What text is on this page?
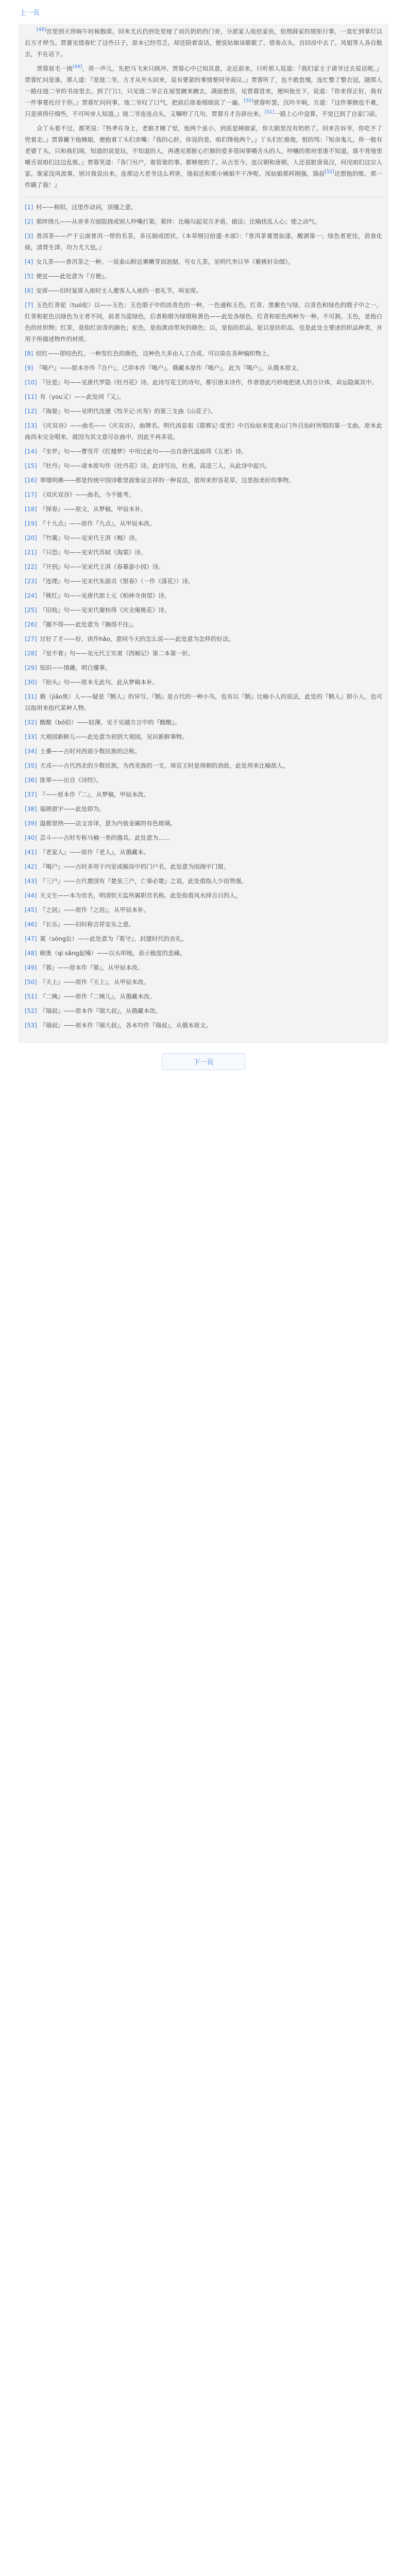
上一页

[48]宫里到天将晌午时候散席。回来尤氏仍到处里接了刘氏奶奶的门旁，分派家人收拾家伙，依照薛家的规矩行事，一直忙到掌灯以后方才停当。贾蔷见惜春忙了这些日子，原本已经劳乏，却还陪着说话，便说姑娘该歇歇了。惜春点头，自回房中去了。凤姐等人各自散去，不在话下。

贾蓉眉毛一挑[49]，将一声儿，先把马飞来只顾冲。贾蓉心中已知其意，走近前来，只听那人说道：『我们家主子请爷过去说话呢。』贾蓉忙问是谁，那人道：『是琏二爷，方才从外头回来，说有要紧的事情要同爷商议。』贾蓉听了，也不敢怠慢，连忙整了整衣冠，随那人一路往琏二爷的书房里去。到了门口，只见琏二爷正在屋里踱来踱去，满面愁容，见贾蓉进来，便叫他坐下，说道：『你来得正好，我有一件事要托付于你。』贾蓉忙问何事，琏二爷叹了口气，把前后原委细细说了一遍。[50]贾蓉听罢，沉吟半晌，方道：『这件事倒也不难，只是须得仔细些，不可叫旁人知道。』琏二爷连连点头，又嘱咐了几句，贾蓉方才告辞出来。[51]一路上心中盘算，不觉已到了自家门前。

众丫头看不过，都笑说：『热孝在身上，老娘才睡了觉，他两个虽小，到底是姨娘家，你太眼里没有奶奶了。回来告诉爷，你吃不了兜着走。』贾蓉撇下他姨娘，便抱着丫头们亲嘴：『我的心肝，你说的是，咱们馋他两个。』丫头们忙推他，恨的骂：『短命鬼儿，你一般有老婆丫头，只和我们闹，知道的说是玩，不知道的人，再遇见那脏心烂肺的爱多管闲事嚼舌头的人，吵嚷的那府里谁不知道，谁不背地里嚼舌说咱们这边乱账。』贾蓉笑道：『各门另户，谁管谁的事。都够使的了。从古至今，连汉朝和唐朝，人还说脏唐臭汉，何况咱们这宗人家。谁家没风流事，别讨我说出来。连那边大老爷这么利害，琏叔还和那小姨娘不干净呢。凤姑娘那样刚强，瑞叔[52]还想他的账。那一件瞒了我！』

[1] 村——相似，这里作动词，顶撞之意。

[2] 萦绊绕儿——从旁多方面阻挠或别人吵嘴打架。萦绊：比喻勾起双方矛盾，做法；比喻扰乱人心；使之动气。

[3] 普洱茶——产于云南普洱一带的名茶，多压制成团状。《本草纲目拾遗·木部》：『普洱茶膏黑如漆，醒酒第一；绿色者更佳，消食化痰，清胃生津，功力尤大也。』

[4] 女儿茶——普洱茶之一种。一说泰山附近寨嫩芽而泡制，号女儿茶。见明代李日华《紫桃轩杂缀》。

[5] 便宜——此处意为『方便』。

[6] 安席——旧时宴席入座时主人邀客人入座的一套礼节，叫安席。

[7] 玉色红青驼（tuó驼）以——玉色：玉色缎子中的淡青色的一种，一色通称玉色。红青、黑紫色与绿，以青色和绿色的缎子中之一，红青和驼色以绿色为主者不同，前者为蓝绿色，后者称缎为绿缎称黄色——此处各绿色、红青和驼色两种为一种，不可割。玉色，是指白色的丝织物；红青，是指红而青的颜色；驼色，是指黄而带灰的颜色；以，是指纺织品。驼以是纺织品，也是此处主要述的织品种类，并用于所描述物件的材质。

[8] 结红——即结色红。一种发红色的颜色，这种色大多由人工合成，可以染在各种编织物上。

[9] 『喝户』——原本亦作『合户』，己卯本作『喝户』，俄藏本原作『喝户』，此为『喝户』，从俄本原文。

[10] 『往是』句——见唐代罗隐《牡丹花》诗。此诗写花王的诗句，都引唐末诗作，作者借此巧妙地把诸人的合计体，命运隐寓其中。

[11] 有（you又）——此处同『又』。

[12] 『海晏』句——见明代沈德《牧羊记·庆寿》的第三支曲《山花子》。

[13] 《庆双谷》——曲名——《庆双谷》，曲牌名。明代汤显祖《邯郸记·度世》中吕仙姑来度美山门外吕仙时所唱的第一支曲。原本此曲尚未完全唱来，就因为其文意尽在曲中，因此不再多说。

[14] 『坐罗』句——曹雪芹《红楼梦》中用过此句——出自唐代温庭筠《五更》诗。

[15] 『牡丹』句——诸本原句作《牡丹花》诗。此诗写出，杜甫，高适三人，从此诗中起兴。

[16] 翠缕明拂——那是传统中国诗歌里面象征吉祥的一种说法，借用来形容花草，这里指美好的事物。

[17] 《双庆双谷》——曲名，今不能考。

[18] 『探春』——原文，从梦稿，甲辰本补。

[19] 『十九点』——原作『九点』，从甲辰本改。

[20] 『竹篱』句——见宋代王淇《梅》诗。

[21] 『只恐』句——见宋代苏轼《海棠》诗。

[22] 『开到』句——见宋代王淇《春暮游小园》诗。

[23] 『连理』句——见宋代朱淑贞《恨春》（一作《落花》）诗。

[24] 『桃红』句——见唐代郎士元《柏林寺南望》诗。

[25] 『旧枝』句——见宋代谢枋得《庆全庵桃花》诗。

[26] 『圈不得——此处意为『搁得不住』。

[27] 讨好了才——好，读作hǎo，意同今天的怎么说——此处意为怎样的好法。

[28] 『觉不着』句——见元代王实甫《西厢记》第二本第一折。

[29] 知识——情趣，明白懂事。

[30] 『抬头』句——原本无此句，此从梦稿本补。

[31] 鹤（jiāo焦）人——疑是『鹪人』的异写。『鹪』是古代的一种小鸟，也有以『鹪』比喻小人的说法，此处的『鹪人』即小人，也可以指用来指代某种人物。

[32] 酸酸（bó伯）——轻薄，见于吴越方言中的『酸酸』。

[33] 大观园新鲜儿——此处意为初到大观园，见识新鲜事物。

[34] 土番——古时对西部少数民族的泛称。

[35] 犬戎——古代西北的少数民族，为西羌族的一支。周宣王时是周朝的劲敌，此处用来比喻敌人。

[36] 匪翠——出自《诗经》。

[37] 『——原本作『二』，从梦稿，甲辰本改。

[38] 福朗恩宇——此处即为。

[39] 温都里纳——法文音译，意为内装金属的有色玻璃。

[40] 芸斗——古时专称马桶一类的器具。此处意为……

[41] 『老家人』——原作『老人』，从俄藏本。

[42] 『喝户』——古时多用于内室或厢房中的门户名，此处意为闺阁中门窗。

[43] 『三户』——古代楚国有『楚虽三户，亡秦必楚』之说，此处借指人少而势强。

[44] 天文生——本为官名，明清钦天监所属职官名称。此处指看风水择吉日的人。

[45] 『之居』——原作『之居』，从甲辰本补。

[46] 『长乐』——旧时称吉祥安乐之意。

[47] 寞（sòng讼）——此处意为『看守』，封建时代的丧礼。

[48] 顿奥（qì sǎng起嗓）——以头叩地，表示极度的悲痛。

[49] 『蓉』——原本作『蓉』，从甲辰本改。

[50] 『天上』——原作『天上』，从甲辰本改。

[51] 『二姨』——原作『二姨儿』，从俄藏本改。

[52] 『瑞叔』——原本作『瑞大叔』，从俄藏本改。

[53] 『瑞叔』——原本作『瑞大叔』，各本均作『瑞叔』，从俄本原文。

下一页
